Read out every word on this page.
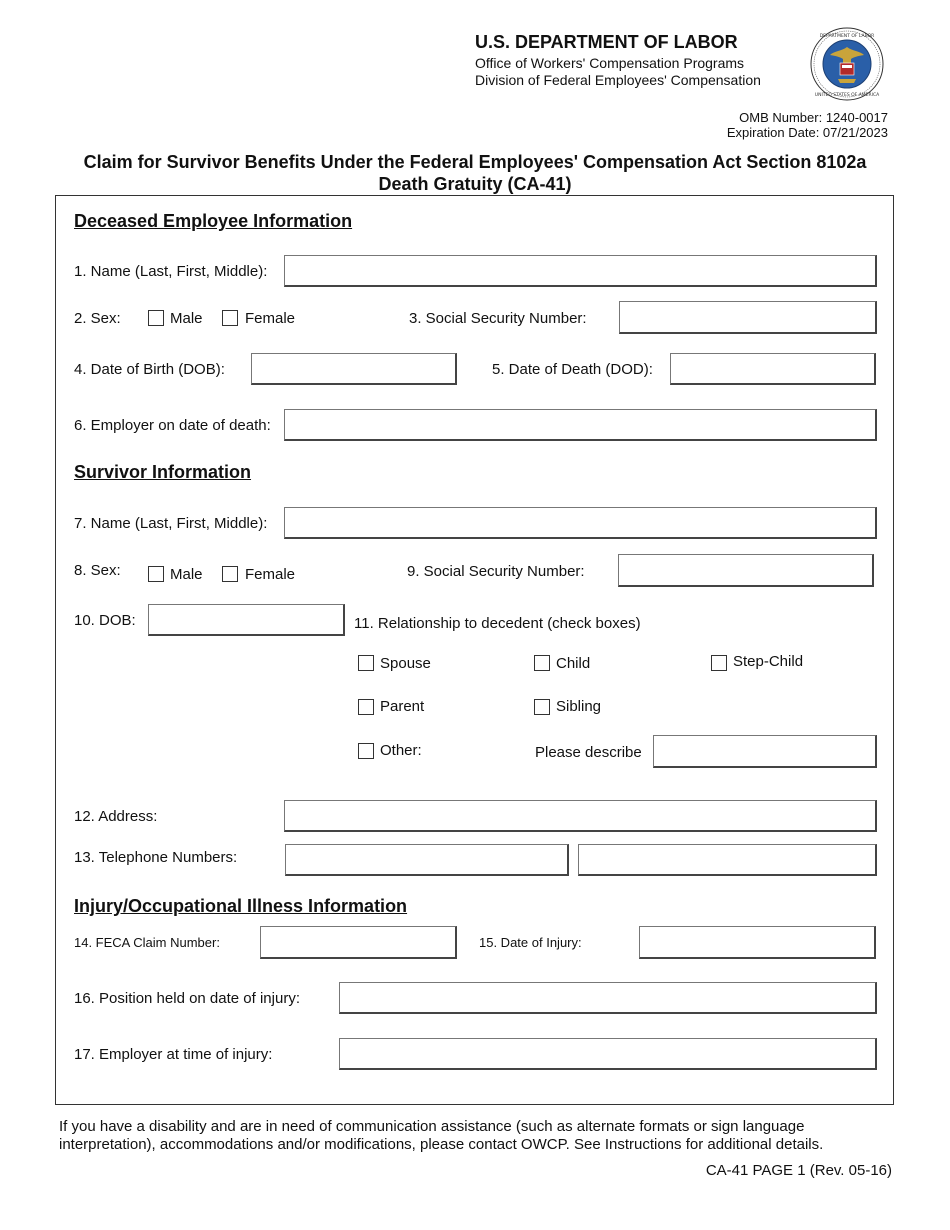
U.S. DEPARTMENT OF LABOR
Office of Workers' Compensation Programs
Division of Federal Employees' Compensation
DEPARTMENT OF LABOR
UNITED STATES OF AMERICA
OMB Number: 1240-0017
Expiration Date: 07/21/2023
Claim for Survivor Benefits Under the Federal Employees' Compensation Act Section 8102a
Death Gratuity (CA-41)
Deceased Employee Information
1. Name (Last, First, Middle):
2. Sex:	Male	Female	3. Social Security Number:
4. Date of Birth (DOB):	5. Date of Death (DOD):
6. Employer on date of death:
Survivor Information
7. Name (Last, First, Middle):
8. Sex:	Male	Female	9. Social Security Number:
10. DOB:	11. Relationship to decedent (check boxes)
Spouse	Child	Step-Child
Parent	Sibling
Other:	Please describe
12. Address:
13. Telephone Numbers:
Injury/Occupational Illness Information
14. FECA Claim Number:	15. Date of Injury:
16. Position held on date of injury:
17. Employer at time of injury:
If you have a disability and are in need of communication assistance (such as alternate formats or sign language
interpretation), accommodations and/or modifications, please contact OWCP. See Instructions for additional details.
CA-41 PAGE 1 (Rev. 05-16)
